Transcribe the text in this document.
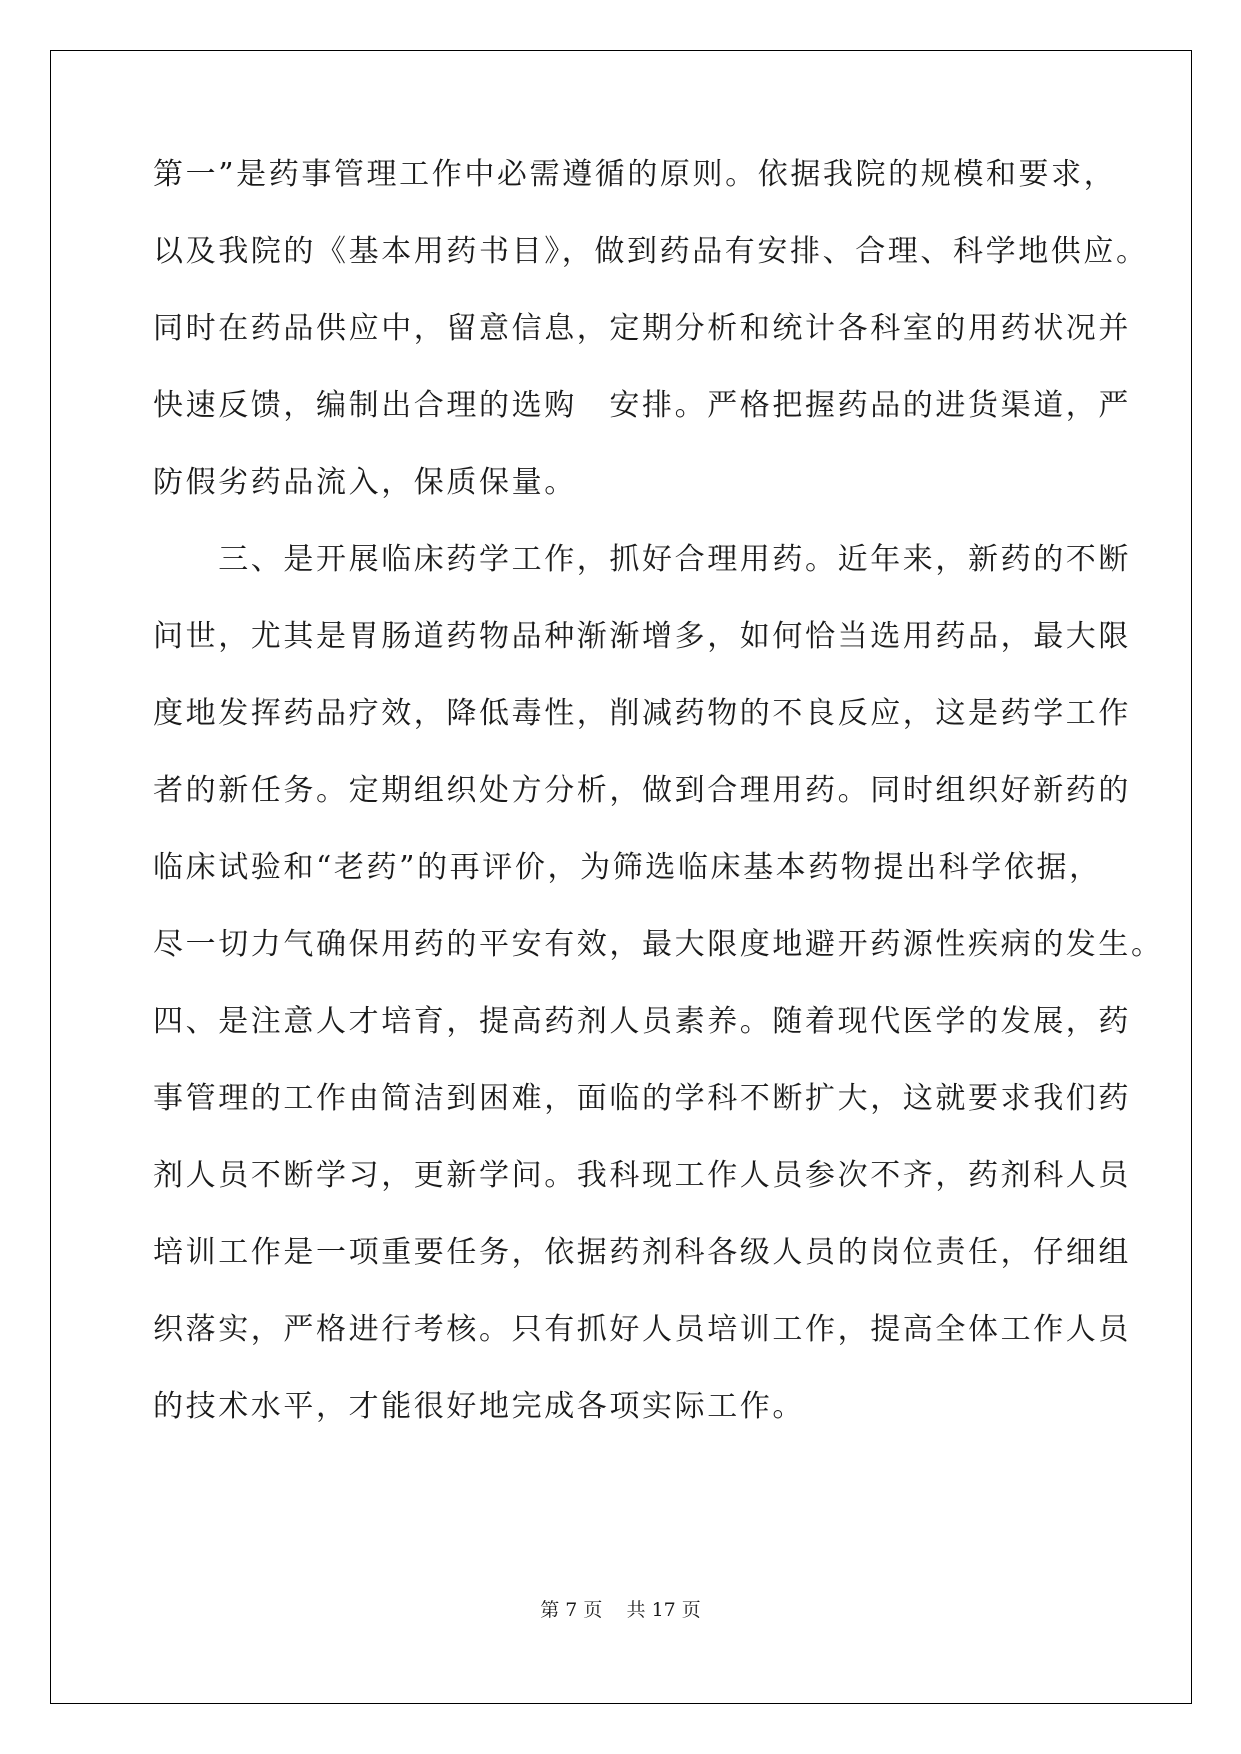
第一”是药事管理工作中必需遵循的原则。依据我院的规模和要求，
以及我院的《基本用药书目》，做到药品有安排、合理、科学地供应。
同时在药品供应中，留意信息，定期分析和统计各科室的用药状况并
快速反馈，编制出合理的选购　安排。严格把握药品的进货渠道，严
防假劣药品流入，保质保量。
　　三、是开展临床药学工作，抓好合理用药。近年来，新药的不断
问世，尤其是胃肠道药物品种渐渐增多，如何恰当选用药品，最大限
度地发挥药品疗效，降低毒性，削减药物的不良反应，这是药学工作
者的新任务。定期组织处方分析，做到合理用药。同时组织好新药的
临床试验和“老药”的再评价，为筛选临床基本药物提出科学依据，
尽一切力气确保用药的平安有效，最大限度地避开药源性疾病的发生。
四、是注意人才培育，提高药剂人员素养。随着现代医学的发展，药
事管理的工作由简洁到困难，面临的学科不断扩大，这就要求我们药
剂人员不断学习，更新学问。我科现工作人员参次不齐，药剂科人员
培训工作是一项重要任务，依据药剂科各级人员的岗位责任，仔细组
织落实，严格进行考核。只有抓好人员培训工作，提高全体工作人员
的技术水平，才能很好地完成各项实际工作。
第 7 页 共 17 页
